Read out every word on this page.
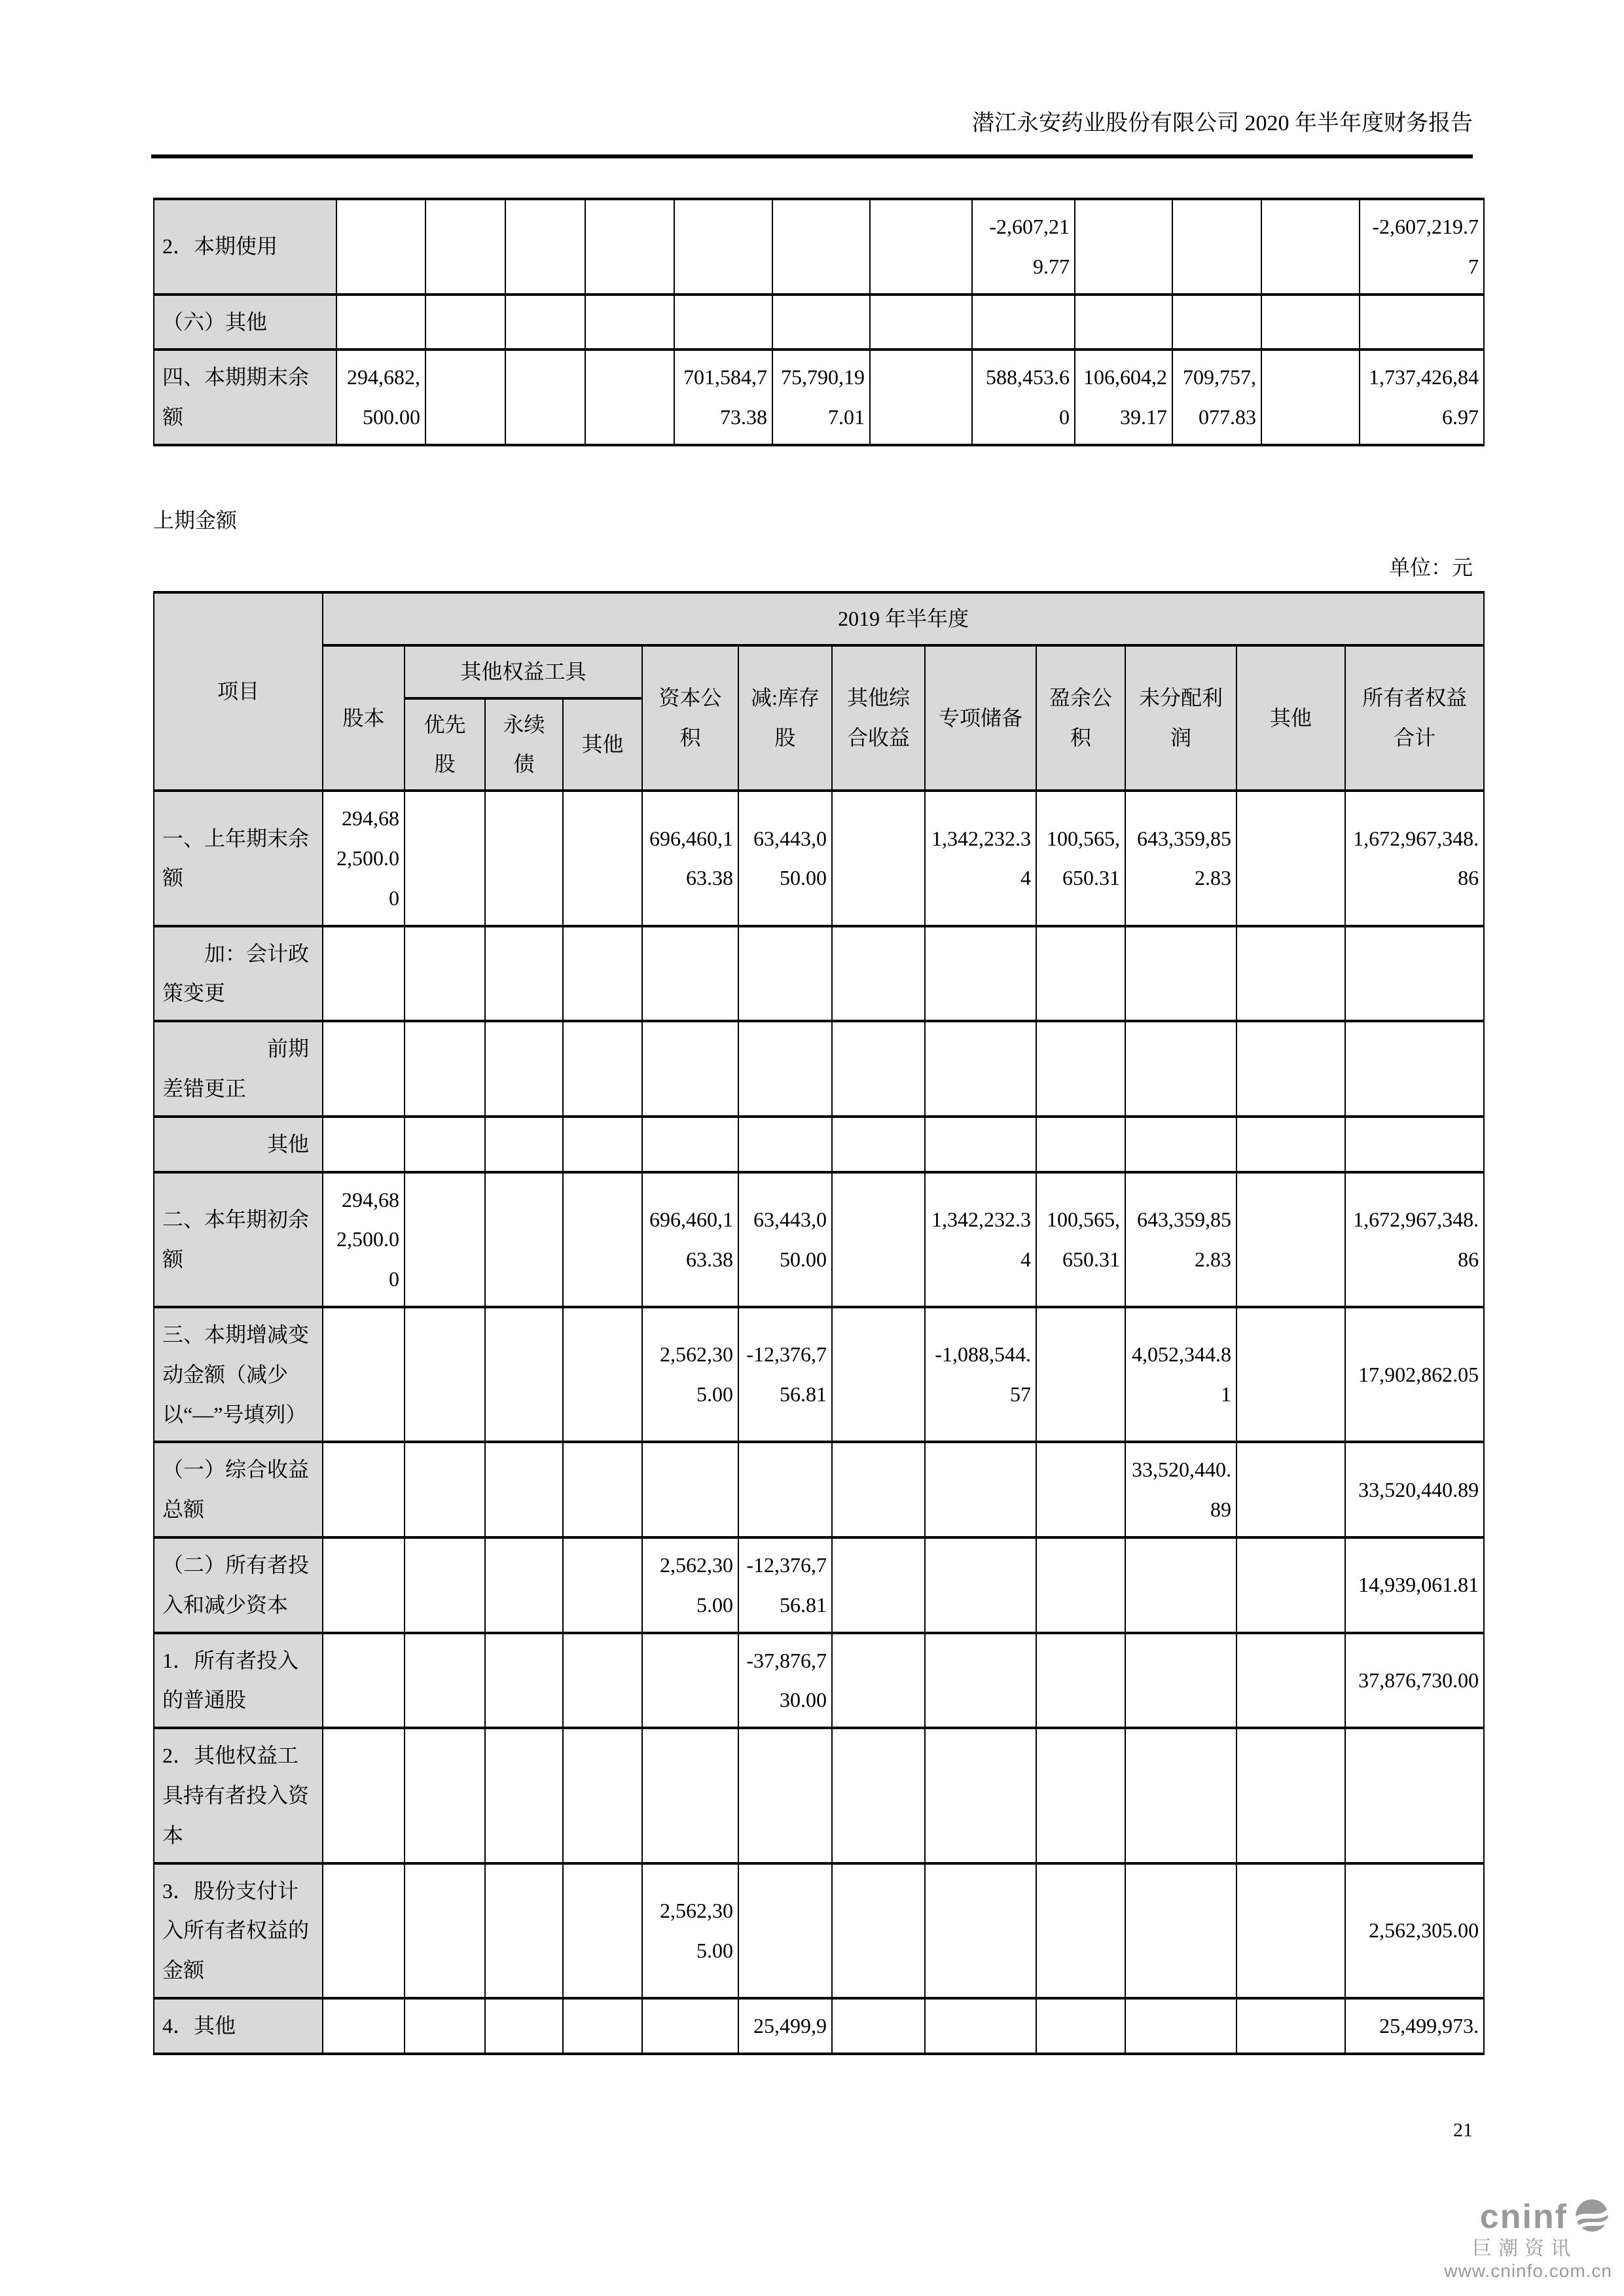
潜江永安药业股份有限公司 2020 年半年度财务报告
2．本期使用								-2,607,219.77				-2,607,219.77
（六）其他												
四、本期期末余额	294,682,500.00				701,584,773.38	75,790,197.01		588,453.60	106,604,239.17	709,757,077.83		1,737,426,846.97
上期金额
单位：元
项目	2019 年半年度											
	股本	其他权益工具			资本公积	减:库存股	其他综合收益	专项储备	盈余公积	未分配利润	其他	所有者权益合计
		优先股	永续债	其他								
一、上年期末余额	294,682,500.00				696,460,163.38	63,443,050.00		1,342,232.34	100,565,650.31	643,359,852.83		1,672,967,348.86
　　加：会计政策变更												
　　　　　前期差错更正												
　　　　　其他												
二、本年期初余额	294,682,500.00				696,460,163.38	63,443,050.00		1,342,232.34	100,565,650.31	643,359,852.83		1,672,967,348.86
三、本期增减变动金额（减少以“—”号填列）					2,562,305.00	-12,376,756.81		-1,088,544.57		4,052,344.81		17,902,862.05
（一）综合收益总额										33,520,440.89		33,520,440.89
（二）所有者投入和减少资本					2,562,305.00	-12,376,756.81						14,939,061.81
1．所有者投入的普通股						-37,876,730.00						37,876,730.00
2．其他权益工具持有者投入资本												
3．股份支付计入所有者权益的金额					2,562,305.00							2,562,305.00
4．其他						25,499,9						25,499,973.
21
cninf
巨潮资讯
www.cninfo.com.cn
